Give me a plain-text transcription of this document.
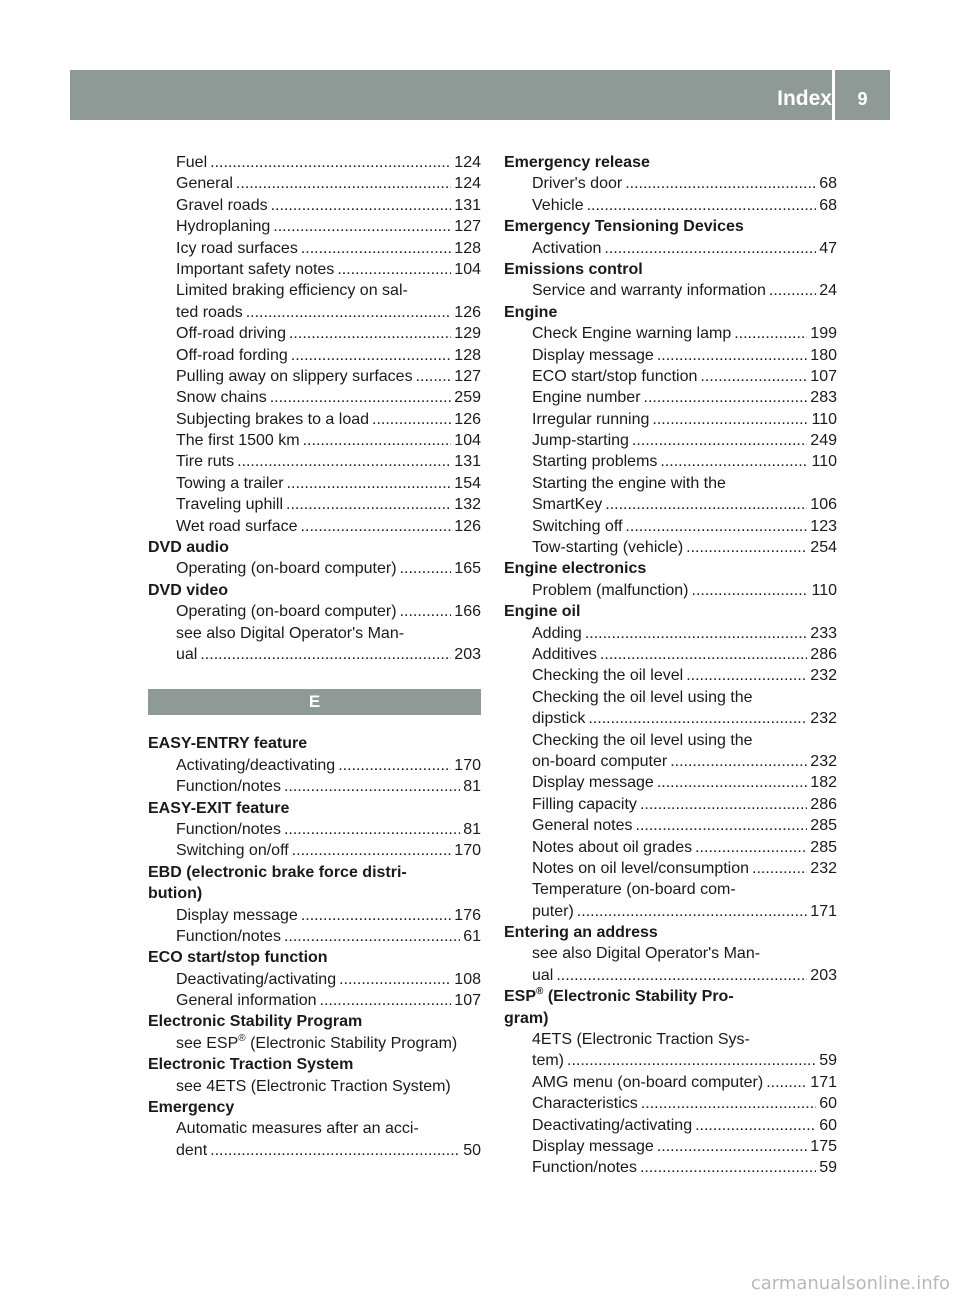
Index	9
Fuel .....	124
General .....	124
Gravel roads .....	131
Hydroplaning .....	127
Icy road surfaces .....	128
Important safety notes .....	104
Limited braking efficiency on sal-
ted roads .....	126
Off-road driving .....	129
Off-road fording .....	128
Pulling away on slippery surfaces .....	127
Snow chains .....	259
Subjecting brakes to a load .....	126
The first 1500 km .....	104
Tire ruts .....	131
Towing a trailer .....	154
Traveling uphill .....	132
Wet road surface .....	126
DVD audio
Operating (on-board computer) .....	165
DVD video
Operating (on-board computer) .....	166
see also Digital Operator's Man-
ual .....	203
E
EASY-ENTRY feature
Activating/deactivating .....	170
Function/notes .....	81
EASY-EXIT feature
Function/notes .....	81
Switching on/off .....	170
EBD (electronic brake force distri-
bution)
Display message .....	176
Function/notes .....	61
ECO start/stop function
Deactivating/activating .....	108
General information .....	107
Electronic Stability Program
see ESP® (Electronic Stability Program)
Electronic Traction System
see 4ETS (Electronic Traction System)
Emergency
Automatic measures after an acci-
dent .....	50
Emergency release
Driver's door .....	68
Vehicle .....	68
Emergency Tensioning Devices
Activation .....	47
Emissions control
Service and warranty information .....	24
Engine
Check Engine warning lamp .....	199
Display message .....	180
ECO start/stop function .....	107
Engine number .....	283
Irregular running .....	110
Jump-starting .....	249
Starting problems .....	110
Starting the engine with the
SmartKey .....	106
Switching off .....	123
Tow-starting (vehicle) .....	254
Engine electronics
Problem (malfunction) .....	110
Engine oil
Adding .....	233
Additives .....	286
Checking the oil level .....	232
Checking the oil level using the
dipstick .....	232
Checking the oil level using the
on-board computer .....	232
Display message .....	182
Filling capacity .....	286
General notes .....	285
Notes about oil grades .....	285
Notes on oil level/consumption .....	232
Temperature (on-board com-
puter) .....	171
Entering an address
see also Digital Operator's Man-
ual .....	203
ESP® (Electronic Stability Pro-
gram)
4ETS (Electronic Traction Sys-
tem) .....	59
AMG menu (on-board computer) .....	171
Characteristics .....	60
Deactivating/activating .....	60
Display message .....	175
Function/notes .....	59
carmanualsonline.info
